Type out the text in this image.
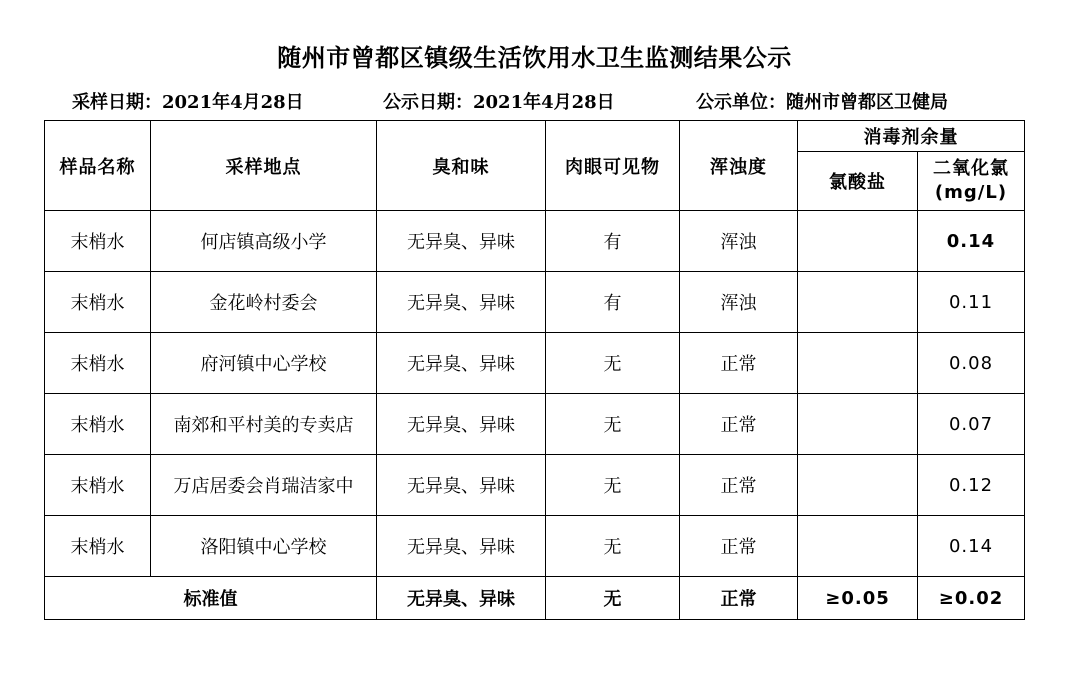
随州市曾都区镇级生活饮用水卫生监测结果公示
采样日期：2021年4月28日	公示日期：2021年4月28日	公示单位：随州市曾都区卫健局
样品名称	采样地点	臭和味	肉眼可见物	浑浊度	消毒剂余量	
					氯酸盐	二氧化氯
(mg/L)

末梢水	何店镇高级小学	无异臭、异味	有	浑浊		0.14
末梢水	金花岭村委会	无异臭、异味	有	浑浊		0.11
末梢水	府河镇中心学校	无异臭、异味	无	正常		0.08
末梢水	南郊和平村美的专卖店	无异臭、异味	无	正常		0.07
末梢水	万店居委会肖瑞洁家中	无异臭、异味	无	正常		0.12
末梢水	洛阳镇中心学校	无异臭、异味	无	正常		0.14
标准值		无异臭、异味	无	正常	≥0.05	≥0.02
